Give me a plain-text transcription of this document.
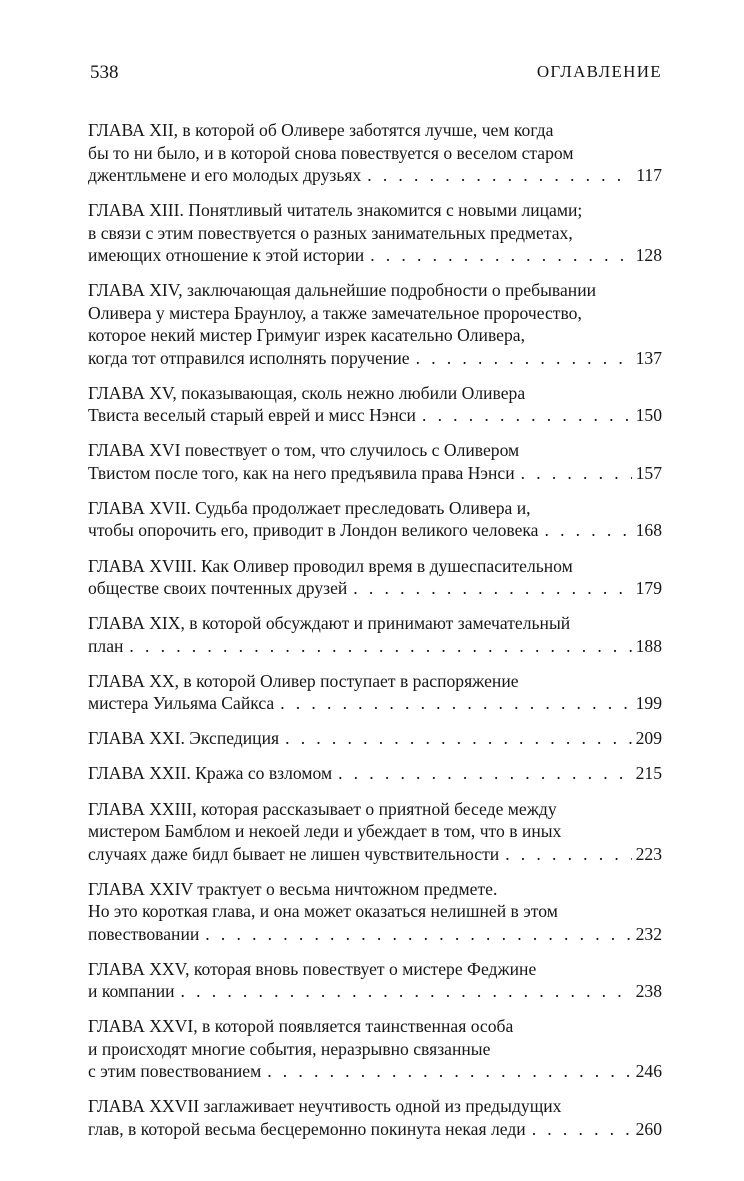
538	ОГЛАВЛЕНИЕ
ГЛАВА XII, в которой об Оливере заботятся лучше, чем когда
бы то ни было, и в которой снова повествуется о веселом старом
джентльмене и его молодых друзьях . . .	117
ГЛАВА XIII. Понятливый читатель знакомится с новыми лицами;
в связи с этим повествуется о разных занимательных предметах,
имеющих отношение к этой истории . . .	128
ГЛАВА XIV, заключающая дальнейшие подробности о пребывании
Оливера у мистера Браунлоу, а также замечательное пророчество,
которое некий мистер Гримуиг изрек касательно Оливера,
когда тот отправился исполнять поручение . . .	137
ГЛАВА XV, показывающая, сколь нежно любили Оливера
Твиста веселый старый еврей и мисс Нэнси . . .	150
ГЛАВА XVI повествует о том, что случилось с Оливером
Твистом после того, как на него предъявила права Нэнси . . .	157
ГЛАВА XVII. Судьба продолжает преследовать Оливера и,
чтобы опорочить его, приводит в Лондон великого человека . . .	168
ГЛАВА XVIII. Как Оливер проводил время в душеспасительном
обществе своих почтенных друзей . . .	179
ГЛАВА XIX, в которой обсуждают и принимают замечательный
план . . .	188
ГЛАВА XX, в которой Оливер поступает в распоряжение
мистера Уильяма Сайкса . . .	199
ГЛАВА XXI. Экспедиция . . .	209
ГЛАВА XXII. Кража со взломом . . .	215
ГЛАВА XXIII, которая рассказывает о приятной беседе между
мистером Бамблом и некоей леди и убеждает в том, что в иных
случаях даже бидл бывает не лишен чувствительности . . .	223
ГЛАВА XXIV трактует о весьма ничтожном предмете.
Но это короткая глава, и она может оказаться нелишней в этом
повествовании . . .	232
ГЛАВА XXV, которая вновь повествует о мистере Феджине
и компании . . .	238
ГЛАВА XXVI, в которой появляется таинственная особа
и происходят многие события, неразрывно связанные
с этим повествованием . . .	246
ГЛАВА XXVII заглаживает неучтивость одной из предыдущих
глав, в которой весьма бесцеремонно покинута некая леди . . .	260
